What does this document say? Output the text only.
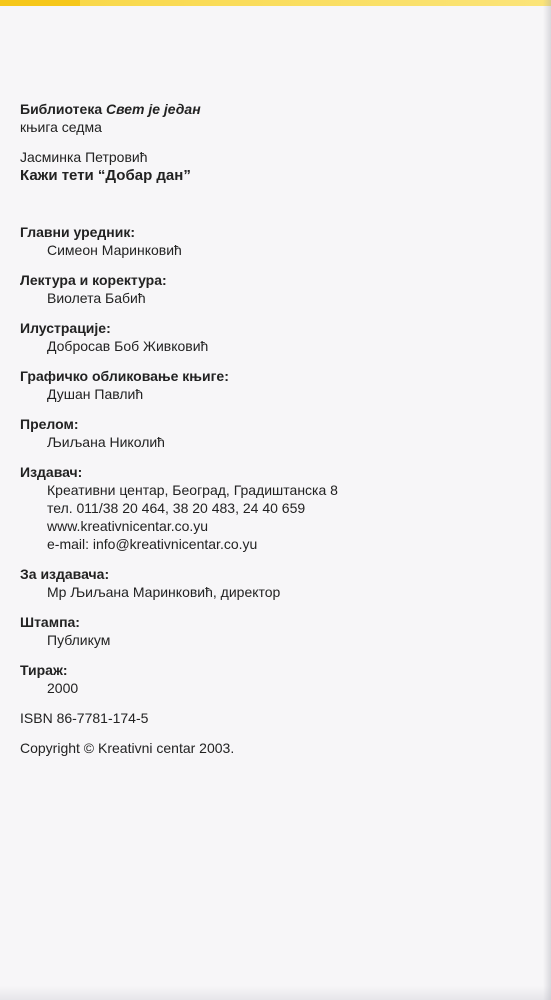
Библиотека Свет је један
књига седма
Јасминка Петровић
Кажи тети “Добар дан”
Главни уредник:
Симеон Маринковић
Лектура и коректура:
Виолета Бабић
Илустрације:
Добросав Боб Живковић
Графичко обликовање књиге:
Душан Павлић
Прелом:
Љиљана Николић
Издавач:
Креативни центар, Београд, Градиштанска 8
тел. 011/38 20 464, 38 20 483, 24 40 659
www.kreativnicentar.co.yu
e-mail: info@kreativnicentar.co.yu
За издавача:
Мр Љиљана Маринковић, директор
Штампа:
Публикум
Тираж:
2000
ISBN 86-7781-174-5
Copyright © Kreativni centar 2003.
